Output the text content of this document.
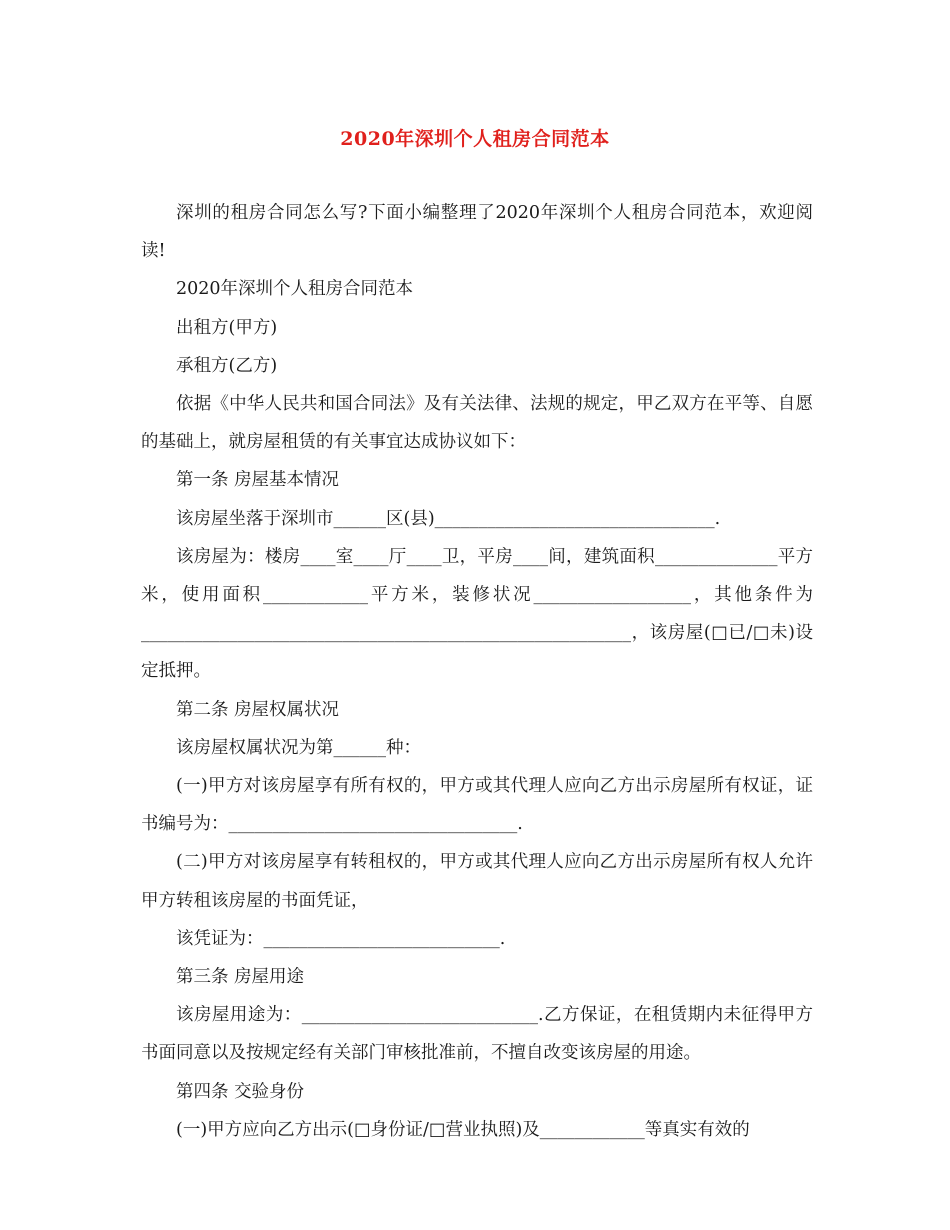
2020年深圳个人租房合同范本

深圳的租房合同怎么写?下面小编整理了2020年深圳个人租房合同范本，欢迎阅读!

2020年深圳个人租房合同范本

出租方(甲方)

承租方(乙方)

依据《中华人民共和国合同法》及有关法律、法规的规定，甲乙双方在平等、自愿的基础上，就房屋租赁的有关事宜达成协议如下：

第一条 房屋基本情况

该房屋坐落于深圳市______区(县)________________________________.

该房屋为：楼房____室____厅____卫，平房____间，建筑面积______________平方米，使用面积____________平方米，装修状况__________________，其他条件为________________________________________________________，该房屋(□已/□未)设定抵押。

第二条 房屋权属状况

该房屋权属状况为第______种：

(一)甲方对该房屋享有所有权的，甲方或其代理人应向乙方出示房屋所有权证，证书编号为：_________________________________.

(二)甲方对该房屋享有转租权的，甲方或其代理人应向乙方出示房屋所有权人允许甲方转租该房屋的书面凭证，

该凭证为：___________________________.

第三条 房屋用途

该房屋用途为：___________________________.乙方保证，在租赁期内未征得甲方书面同意以及按规定经有关部门审核批准前，不擅自改变该房屋的用途。

第四条 交验身份

(一)甲方应向乙方出示(□身份证/□营业执照)及____________等真实有效的
